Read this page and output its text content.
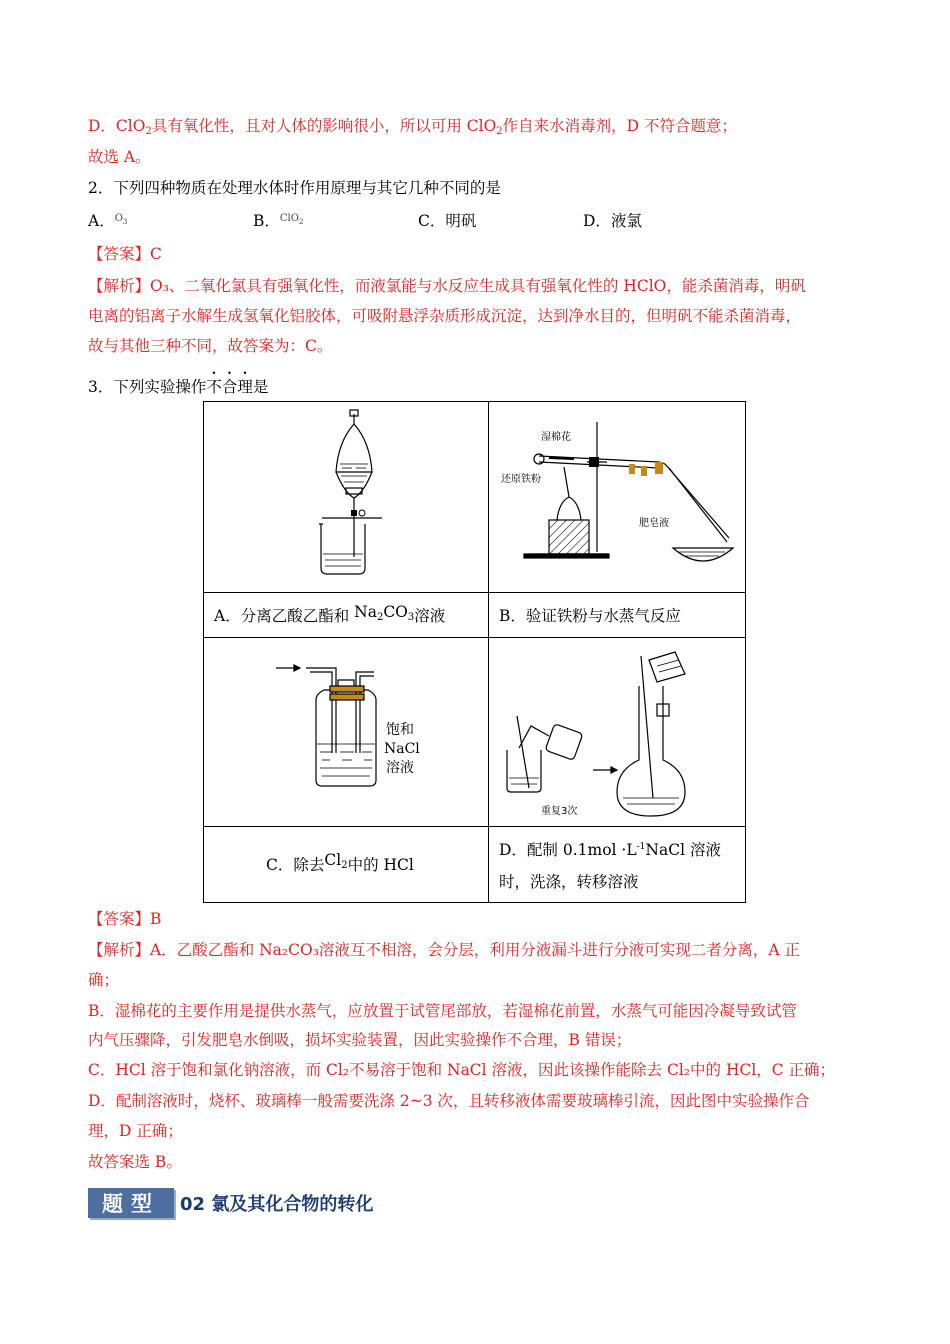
D．ClO$_2$具有氧化性，且对人体的影响很小，所以可用 ClO$_2$作自来水消毒剂，D 不符合题意；
故选 A。
2．下列四种物质在处理水体时作用原理与其它几种不同的是
A．$^{O_3}$	B．$^{ClO_2}$	C．明矾	D．液氯
【答案】C
【解析】O₃、二氧化氯具有强氧化性，而液氯能与水反应生成具有强氧化性的 HClO，能杀菌消毒，明矾
电离的铝离子水解生成氢氧化铝胶体，可吸附悬浮杂质形成沉淀，达到净水目的，但明矾不能杀菌消毒，
故与其他三种不同，故答案为：C。
3．下列实验操作不合理是

湿棉花
还原铁粉
肥皂液

A．分离乙酸乙酯和 $Na_2CO_3$溶液	B．验证铁粉与水蒸气反应

饱和
NaCl
溶液	重复3次

C．除去$Cl_2$中的 HCl	D．配制 $0.1mol \cdot L^{-1}NaCl$ 溶液
时，洗涤，转移溶液
【答案】B
【解析】A．乙酸乙酯和 Na₂CO₃溶液互不相溶，会分层，利用分液漏斗进行分液可实现二者分离，A 正
确；
B．湿棉花的主要作用是提供水蒸气，应放置于试管尾部放，若湿棉花前置，水蒸气可能因冷凝导致试管
内气压骤降，引发肥皂水倒吸，损坏实验装置，因此实验操作不合理，B 错误；
C．HCl 溶于饱和氯化钠溶液，而 Cl₂不易溶于饱和 NaCl 溶液，因此该操作能除去 Cl₂中的 HCl，C 正确；
D．配制溶液时，烧杯、玻璃棒一般需要洗涤 2~3 次，且转移液体需要玻璃棒引流，因此图中实验操作合
理，D 正确；
故答案选 B。
题型	02 氯及其化合物的转化
